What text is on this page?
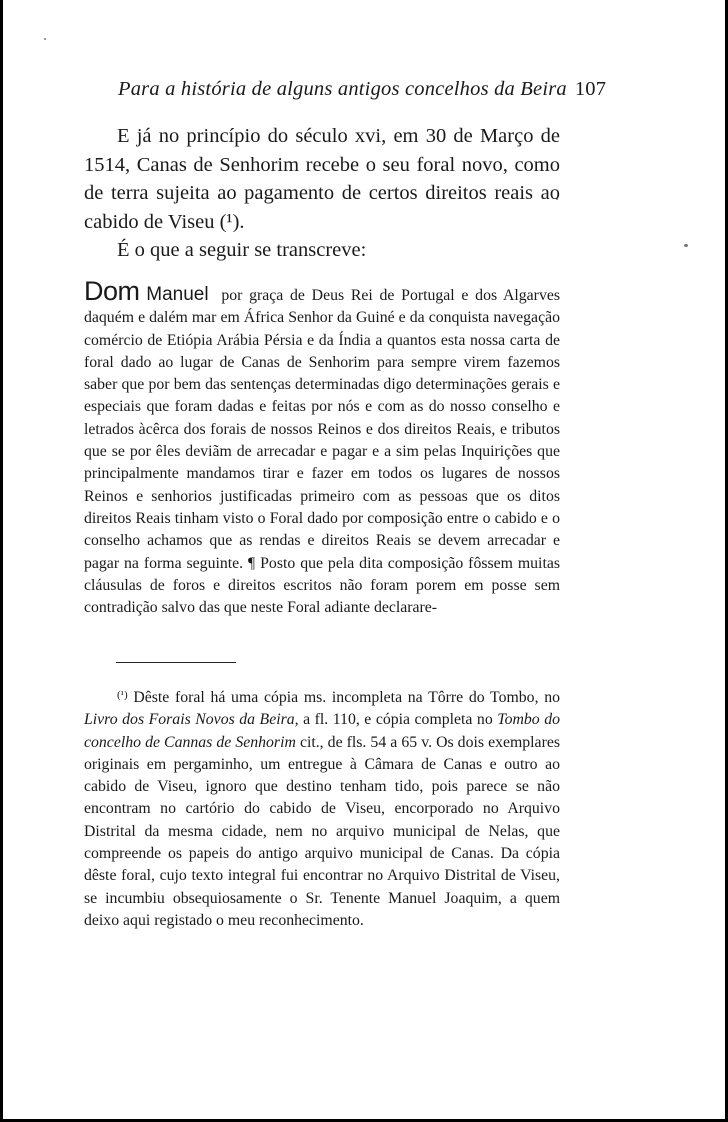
Para a história de alguns antigos concelhos da Beira 107

E já no princípio do século xvi, em 30 de Março de 1514, Canas de Senhorim recebe o seu foral novo, como de terra sujeita ao pagamento de certos direitos reais ao cabido de Viseu (¹).

É o que a seguir se transcreve:

Dom Manuel por graça de Deus Rei de Portugal e dos Algarves daquém e dalém mar em África Senhor da Guiné e da conquista navegação comércio de Etiópia Arábia Pérsia e da Índia a quantos esta nossa carta de foral dado ao lugar de Canas de Senhorim para sempre virem fazemos saber que por bem das sentenças determinadas digo determinações gerais e especiais que foram dadas e feitas por nós e com as do nosso conselho e letrados àcêrca dos forais de nossos Reinos e dos direitos Reais, e tributos que se por êles deviãm de arrecadar e pagar e a sim pelas Inquirições que principalmente mandamos tirar e fazer em todos os lugares de nossos Reinos e senhorios justificadas primeiro com as pessoas que os ditos direitos Reais tinham visto o Foral dado por composição entre o cabido e o conselho achamos que as rendas e direitos Reais se devem arrecadar e pagar na forma seguinte. ¶ Posto que pela dita composição fôssem muitas cláusulas de foros e direitos escritos não foram porem em posse sem contradição salvo das que neste Foral adiante declarare-

$^{(^1)}$ Dêste foral há uma cópia ms. incompleta na Tôrre do Tombo, no Livro dos Forais Novos da Beira, a fl. 110, e cópia completa no Tombo do concelho de Cannas de Senhorim cit., de fls. 54 a 65 v. Os dois exemplares originais em pergaminho, um entregue à Câmara de Canas e outro ao cabido de Viseu, ignoro que destino tenham tido, pois parece se não encontram no cartório do cabido de Viseu, encorporado no Arquivo Distrital da mesma cidade, nem no arquivo municipal de Nelas, que compreende os papeis do antigo arquivo municipal de Canas. Da cópia dêste foral, cujo texto integral fui encontrar no Arquivo Distrital de Viseu, se incumbiu obsequiosamente o Sr. Tenente Manuel Joaquim, a quem deixo aqui registado o meu reconhecimento.
